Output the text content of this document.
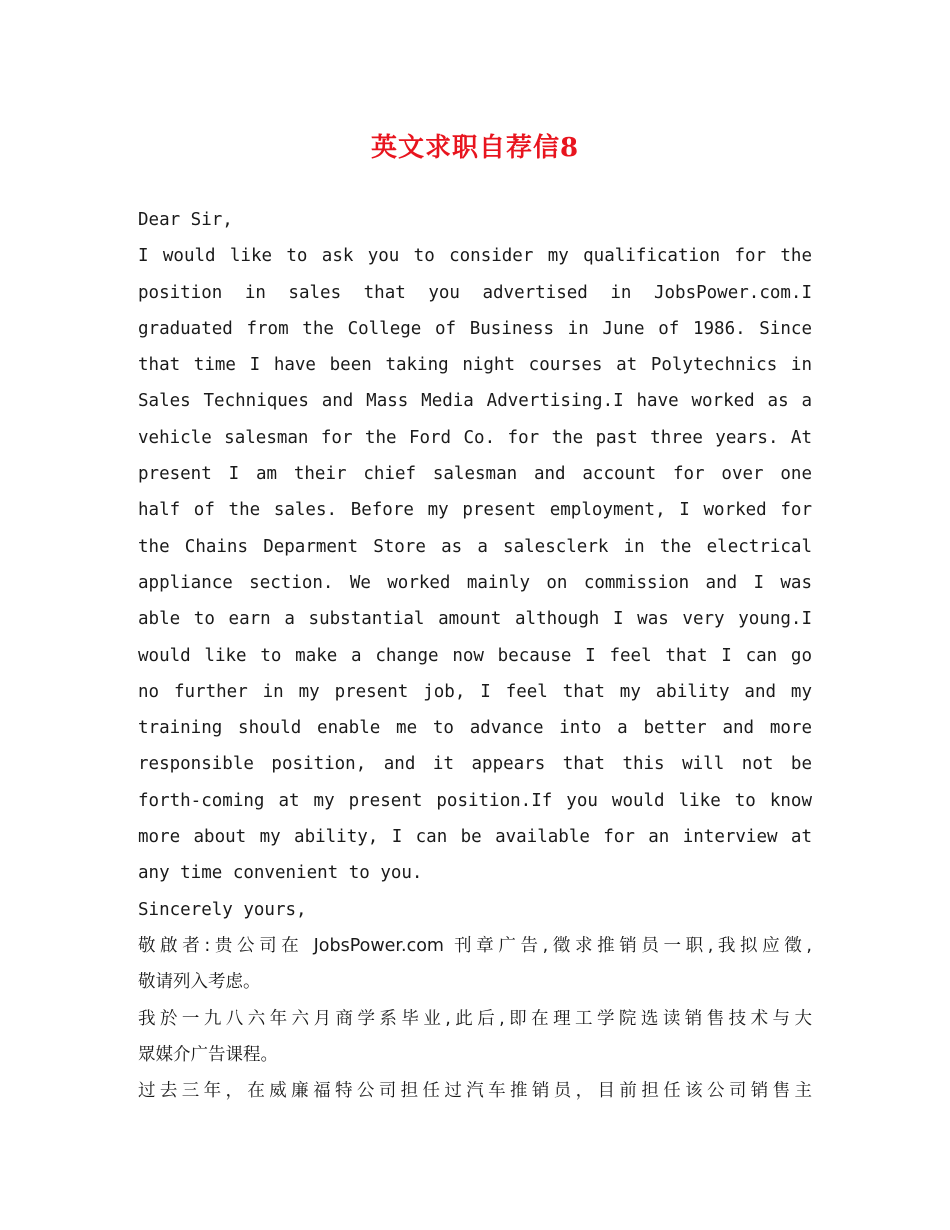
英文求职自荐信8
Dear Sir,
I would like to ask you to consider my qualification for the
position in sales that you advertised in JobsPower.com.I
graduated from the College of Business in June of 1986. Since
that time I have been taking night courses at Polytechnics in
Sales Techniques and Mass Media Advertising.I have worked as a
vehicle salesman for the Ford Co. for the past three years. At
present I am their chief salesman and account for over one
half of the sales. Before my present employment, I worked for
the Chains Deparment Store as a salesclerk in the electrical
appliance section. We worked mainly on commission and I was
able to earn a substantial amount although I was very young.I
would like to make a change now because I feel that I can go
no further in my present job, I feel that my ability and my
training should enable me to advance into a better and more
responsible position, and it appears that this will not be
forth-coming at my present position.If you would like to know
more about my ability, I can be available for an interview at
any time convenient to you.
Sincerely yours,
敬啟者:贵公司在 JobsPower.com 刊章广告,徵求推销员一职,我拟应徵,
敬请列入考虑。
我於一九八六年六月商学系毕业,此后,即在理工学院选读销售技术与大
眾媒介广告课程。
过去三年，在威廉福特公司担任过汽车推销员，目前担任该公司销售主
